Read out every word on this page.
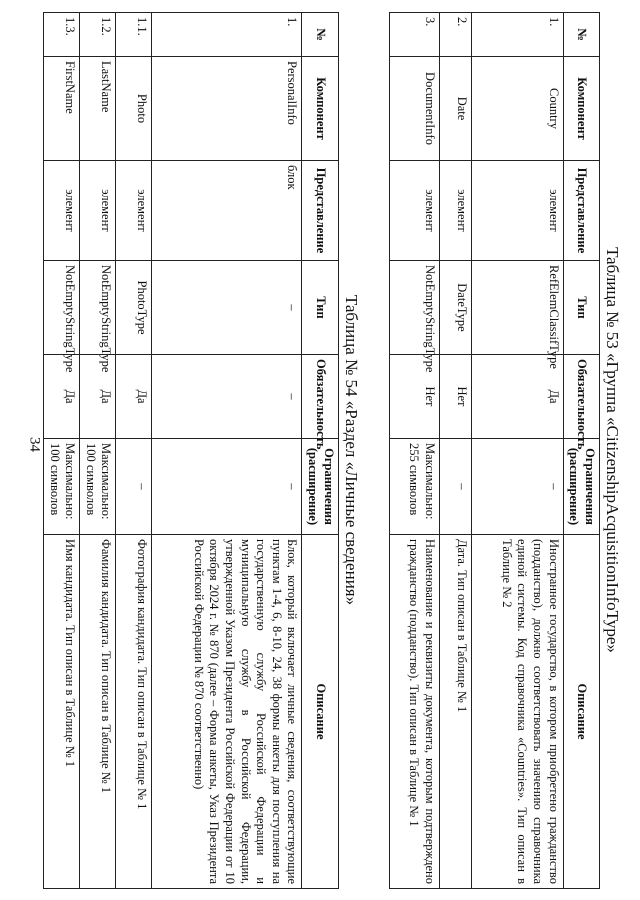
34	Таблица № 53 «Группа «CitizenshipAcquisitionInfoType»

№	Компонент	Представление	Тип	Обязательность	Ограничения (расширение)	Описание
1.	Country	элемент	RefElemClassifType	Да	–	Иностранное государство, в котором приобретено гражданство (подданство), должно соответствовать значению справочника единой системы. Код справочника «Countries». Тип описан в Таблице № 2
2.	Date	элемент	DateType	Нет	–	Дата. Тип описан в Таблице № 1
3.	DocumentInfo	элемент	NotEmptyStringType	Нет	Максимально: 255 символов	Наименование и реквизиты документа, которым подтверждено гражданство (подданство). Тип описан в Таблице № 1

Таблица № 54 «Раздел «Личные сведения»

№	Компонент	Представление	Тип	Обязательность	Ограничения (расширение)	Описание
1.	PersonalInfo	блок	–	–	–	Блок, который включает личные сведения, соответствующие пунктам 1-4, 6, 8-10, 24, 38 формы анкеты для поступления на государственную службу Российской Федерации и муниципальную службу в Российской Федерации, утвержденной Указом Президента Российской Федерации от 10 октября 2024 г. № 870 (далее – Форма анкеты, Указ Президента Российской Федерации № 870 соответственно)
1.1.	Photo	элемент	PhotoType	Да	–	Фотография кандидата. Тип описан в Таблице № 1
1.2.	LastName	элемент	NotEmptyStringType	Да	Максимально: 100 символов	Фамилия кандидата. Тип описан в Таблице № 1
1.3.	FirstName	элемент	NotEmptyStringType	Да	Максимально: 100 символов	Имя кандидата. Тип описан в Таблице № 1
